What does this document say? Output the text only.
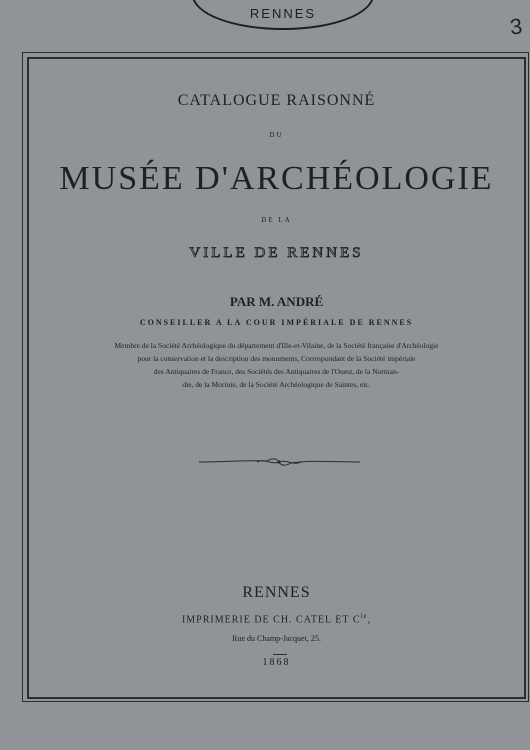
RENNES	3
CATALOGUE RAISONNÉ
DU
MUSÉE D'ARCHÉOLOGIE
DE LA
VILLE DE RENNES
PAR M. ANDRÉ
CONSEILLER A LA COUR IMPÉRIALE DE RENNES
Membre de la Société Archéologique du département d'Ille-et-Vilaine, de la Société française d'Archéologie
pour la conservation et la description des monuments, Correspondant de la Société impériale
des Antiquaires de France, des Sociétés des Antiquaires de l'Ouest, de la Norman-
die, de la Morinie, de la Société Archéologique de Saintes, etc.
RENNES
IMPRIMERIE DE CH. CATEL ET $C^{ie}$,
Rue du Champ-Jacquet, 25.
1868
